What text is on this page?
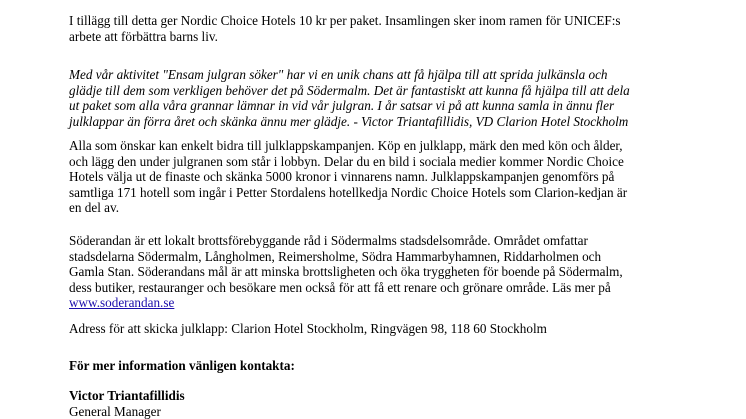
I tillägg till detta ger Nordic Choice Hotels 10 kr per paket. Insamlingen sker inom ramen för UNICEF:s
arbete att förbättra barns liv.

Med vår aktivitet "Ensam julgran söker" har vi en unik chans att få hjälpa till att sprida julkänsla och
glädje till dem som verkligen behöver det på Södermalm. Det är fantastiskt att kunna få hjälpa till att dela
ut paket som alla våra grannar lämnar in vid vår julgran. I år satsar vi på att kunna samla in ännu fler
julklappar än förra året och skänka ännu mer glädje. - Victor Triantafillidis, VD Clarion Hotel Stockholm

Alla som önskar kan enkelt bidra till julklappskampanjen. Köp en julklapp, märk den med kön och ålder,
och lägg den under julgranen som står i lobbyn. Delar du en bild i sociala medier kommer Nordic Choice
Hotels välja ut de finaste och skänka 5000 kronor i vinnarens namn. Julklappskampanjen genomförs på
samtliga 171 hotell som ingår i Petter Stordalens hotellkedja Nordic Choice Hotels som Clarion-kedjan är
en del av.

Söderandan är ett lokalt brottsförebyggande råd i Södermalms stadsdelsområde. Området omfattar
stadsdelarna Södermalm, Långholmen, Reimersholme, Södra Hammarbyhamnen, Riddarholmen och
Gamla Stan. Söderandans mål är att minska brottsligheten och öka tryggheten för boende på Södermalm,
dess butiker, restauranger och besökare men också för att få ett renare och grönare område. Läs mer på
www.soderandan.se

Adress för att skicka julklapp: Clarion Hotel Stockholm, Ringvägen 98, 118 60 Stockholm

För mer information vänligen kontakta:

Victor Triantafillidis
General Manager
